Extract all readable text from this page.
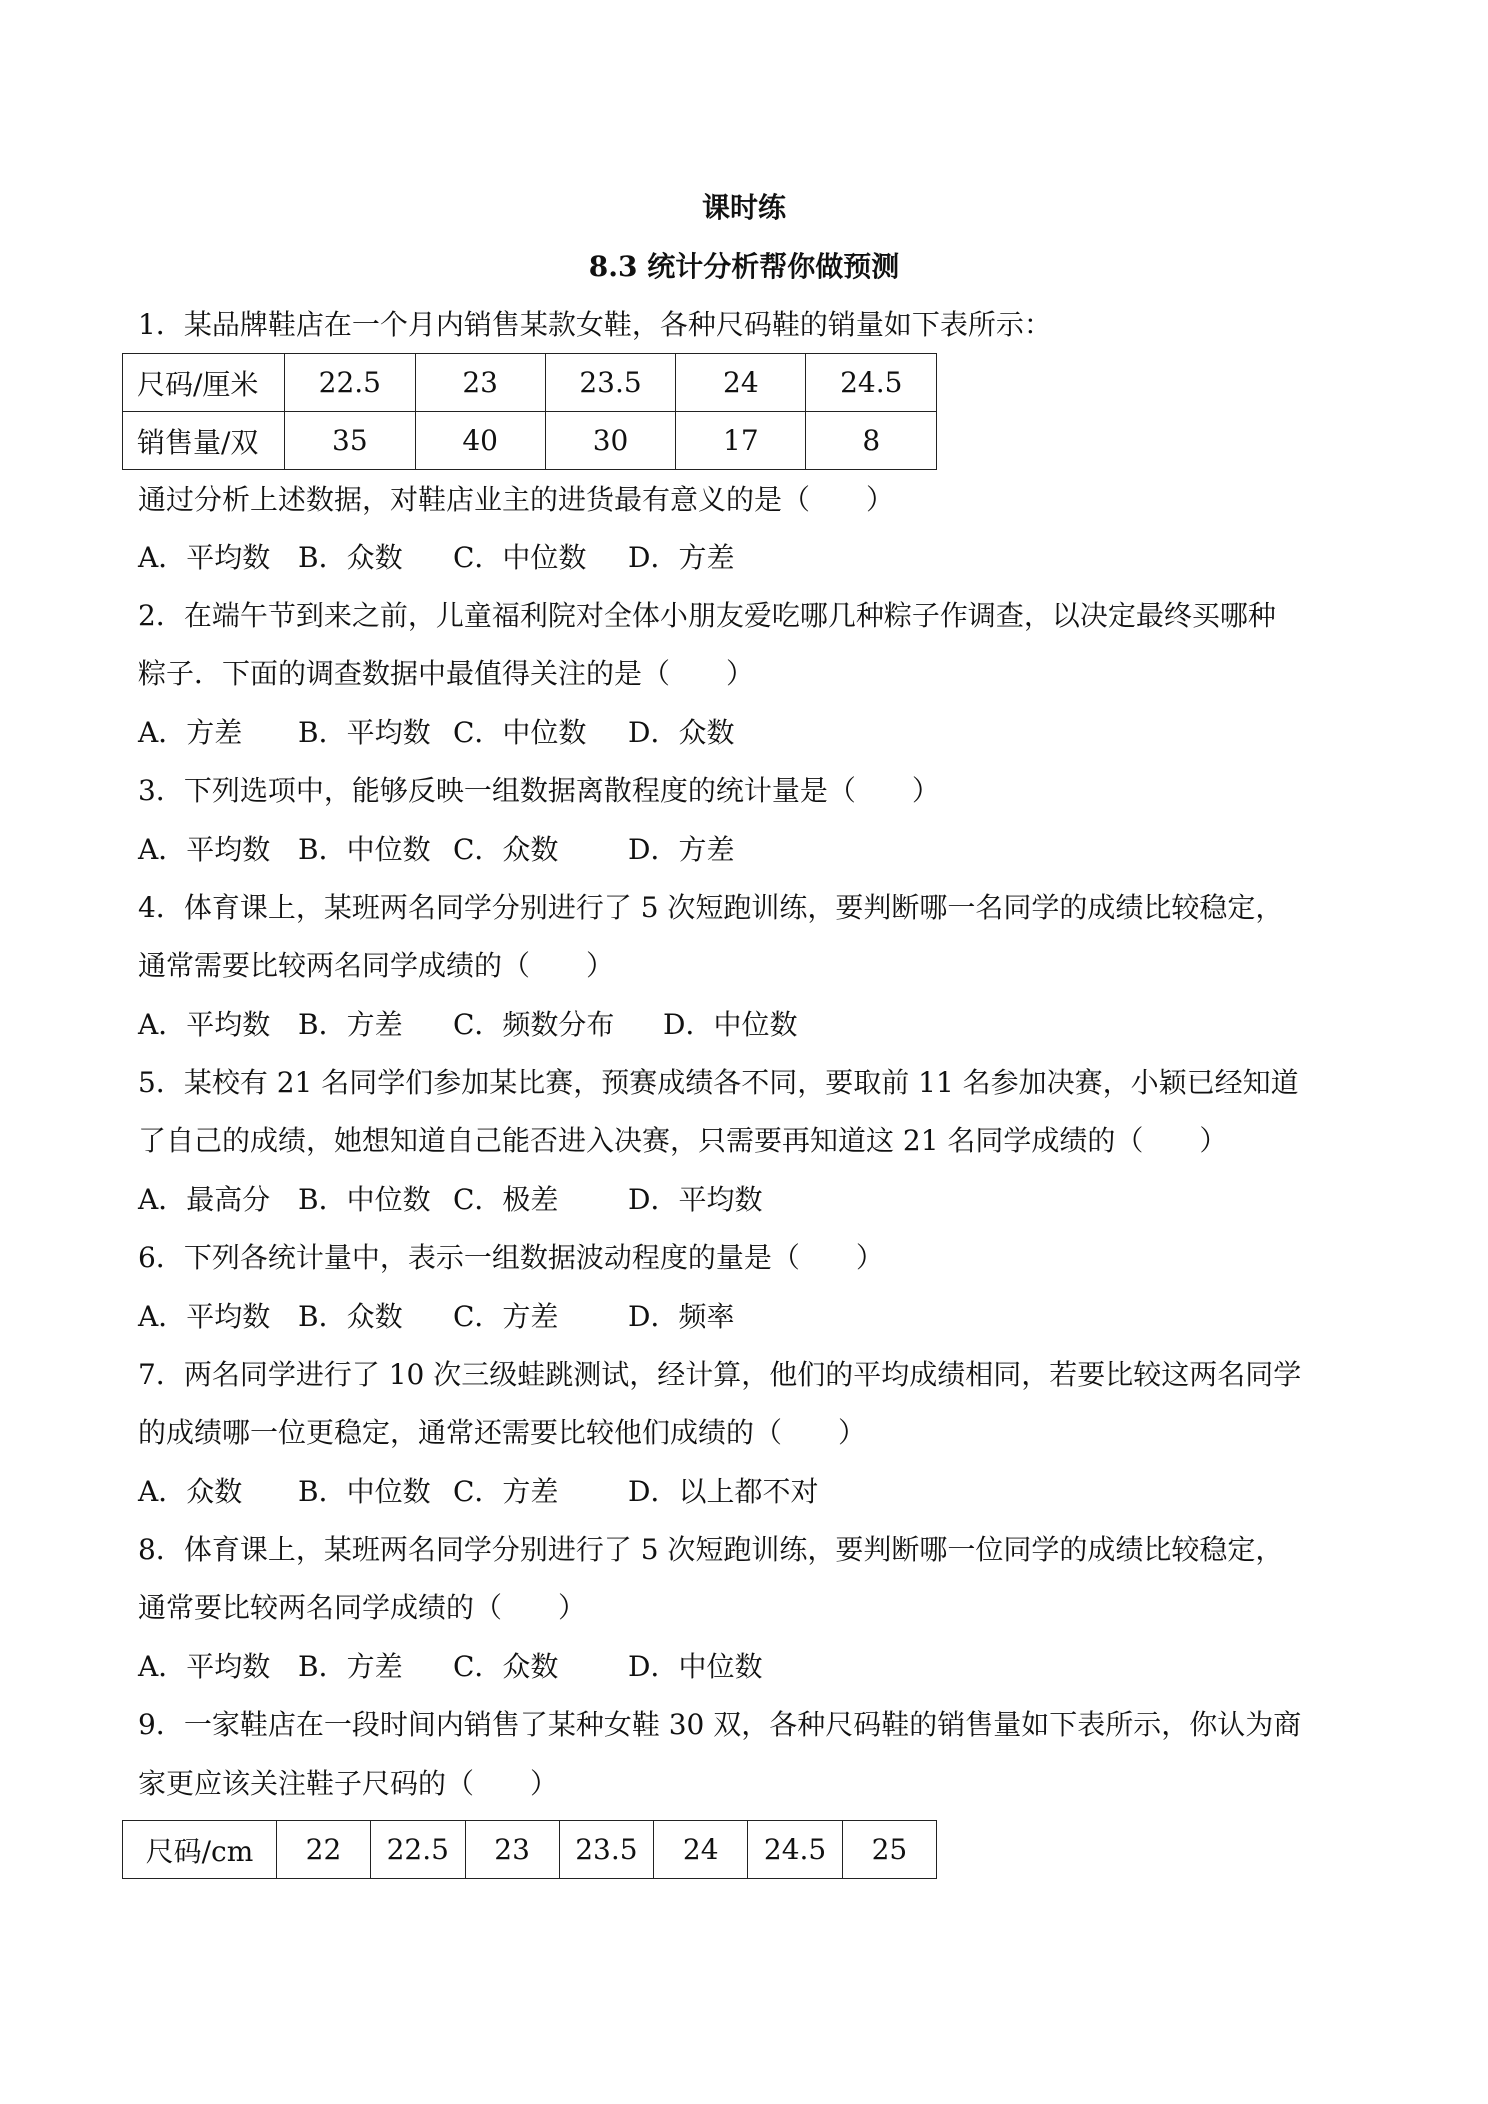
课时练
8.3 统计分析帮你做预测
1．某品牌鞋店在一个月内销售某款女鞋，各种尺码鞋的销量如下表所示：
尺码/厘米	22.5	23	23.5	24	24.5
销售量/双	35	40	30	17	8
通过分析上述数据，对鞋店业主的进货最有意义的是（　　）
A．平均数 B．众数 C．中位数 D．方差
2．在端午节到来之前，儿童福利院对全体小朋友爱吃哪几种粽子作调查，以决定最终买哪种
粽子．下面的调查数据中最值得关注的是（　　）
A．方差 B．平均数 C．中位数 D．众数
3．下列选项中，能够反映一组数据离散程度的统计量是（　　）
A．平均数 B．中位数 C．众数 D．方差
4．体育课上，某班两名同学分别进行了 5 次短跑训练，要判断哪一名同学的成绩比较稳定，
通常需要比较两名同学成绩的（　　）
A．平均数 B．方差 C．频数分布 D．中位数
5．某校有 21 名同学们参加某比赛，预赛成绩各不同，要取前 11 名参加决赛，小颖已经知道
了自己的成绩，她想知道自己能否进入决赛，只需要再知道这 21 名同学成绩的（　　）
A．最高分 B．中位数 C．极差 D．平均数
6．下列各统计量中，表示一组数据波动程度的量是（　　）
A．平均数 B．众数 C．方差 D．频率
7．两名同学进行了 10 次三级蛙跳测试，经计算，他们的平均成绩相同，若要比较这两名同学
的成绩哪一位更稳定，通常还需要比较他们成绩的（　　）
A．众数 B．中位数 C．方差 D．以上都不对
8．体育课上，某班两名同学分别进行了 5 次短跑训练，要判断哪一位同学的成绩比较稳定，
通常要比较两名同学成绩的（　　）
A．平均数 B．方差 C．众数 D．中位数
9．一家鞋店在一段时间内销售了某种女鞋 30 双，各种尺码鞋的销售量如下表所示，你认为商
家更应该关注鞋子尺码的（　　）
尺码/cm	22	22.5	23	23.5	24	24.5	25
